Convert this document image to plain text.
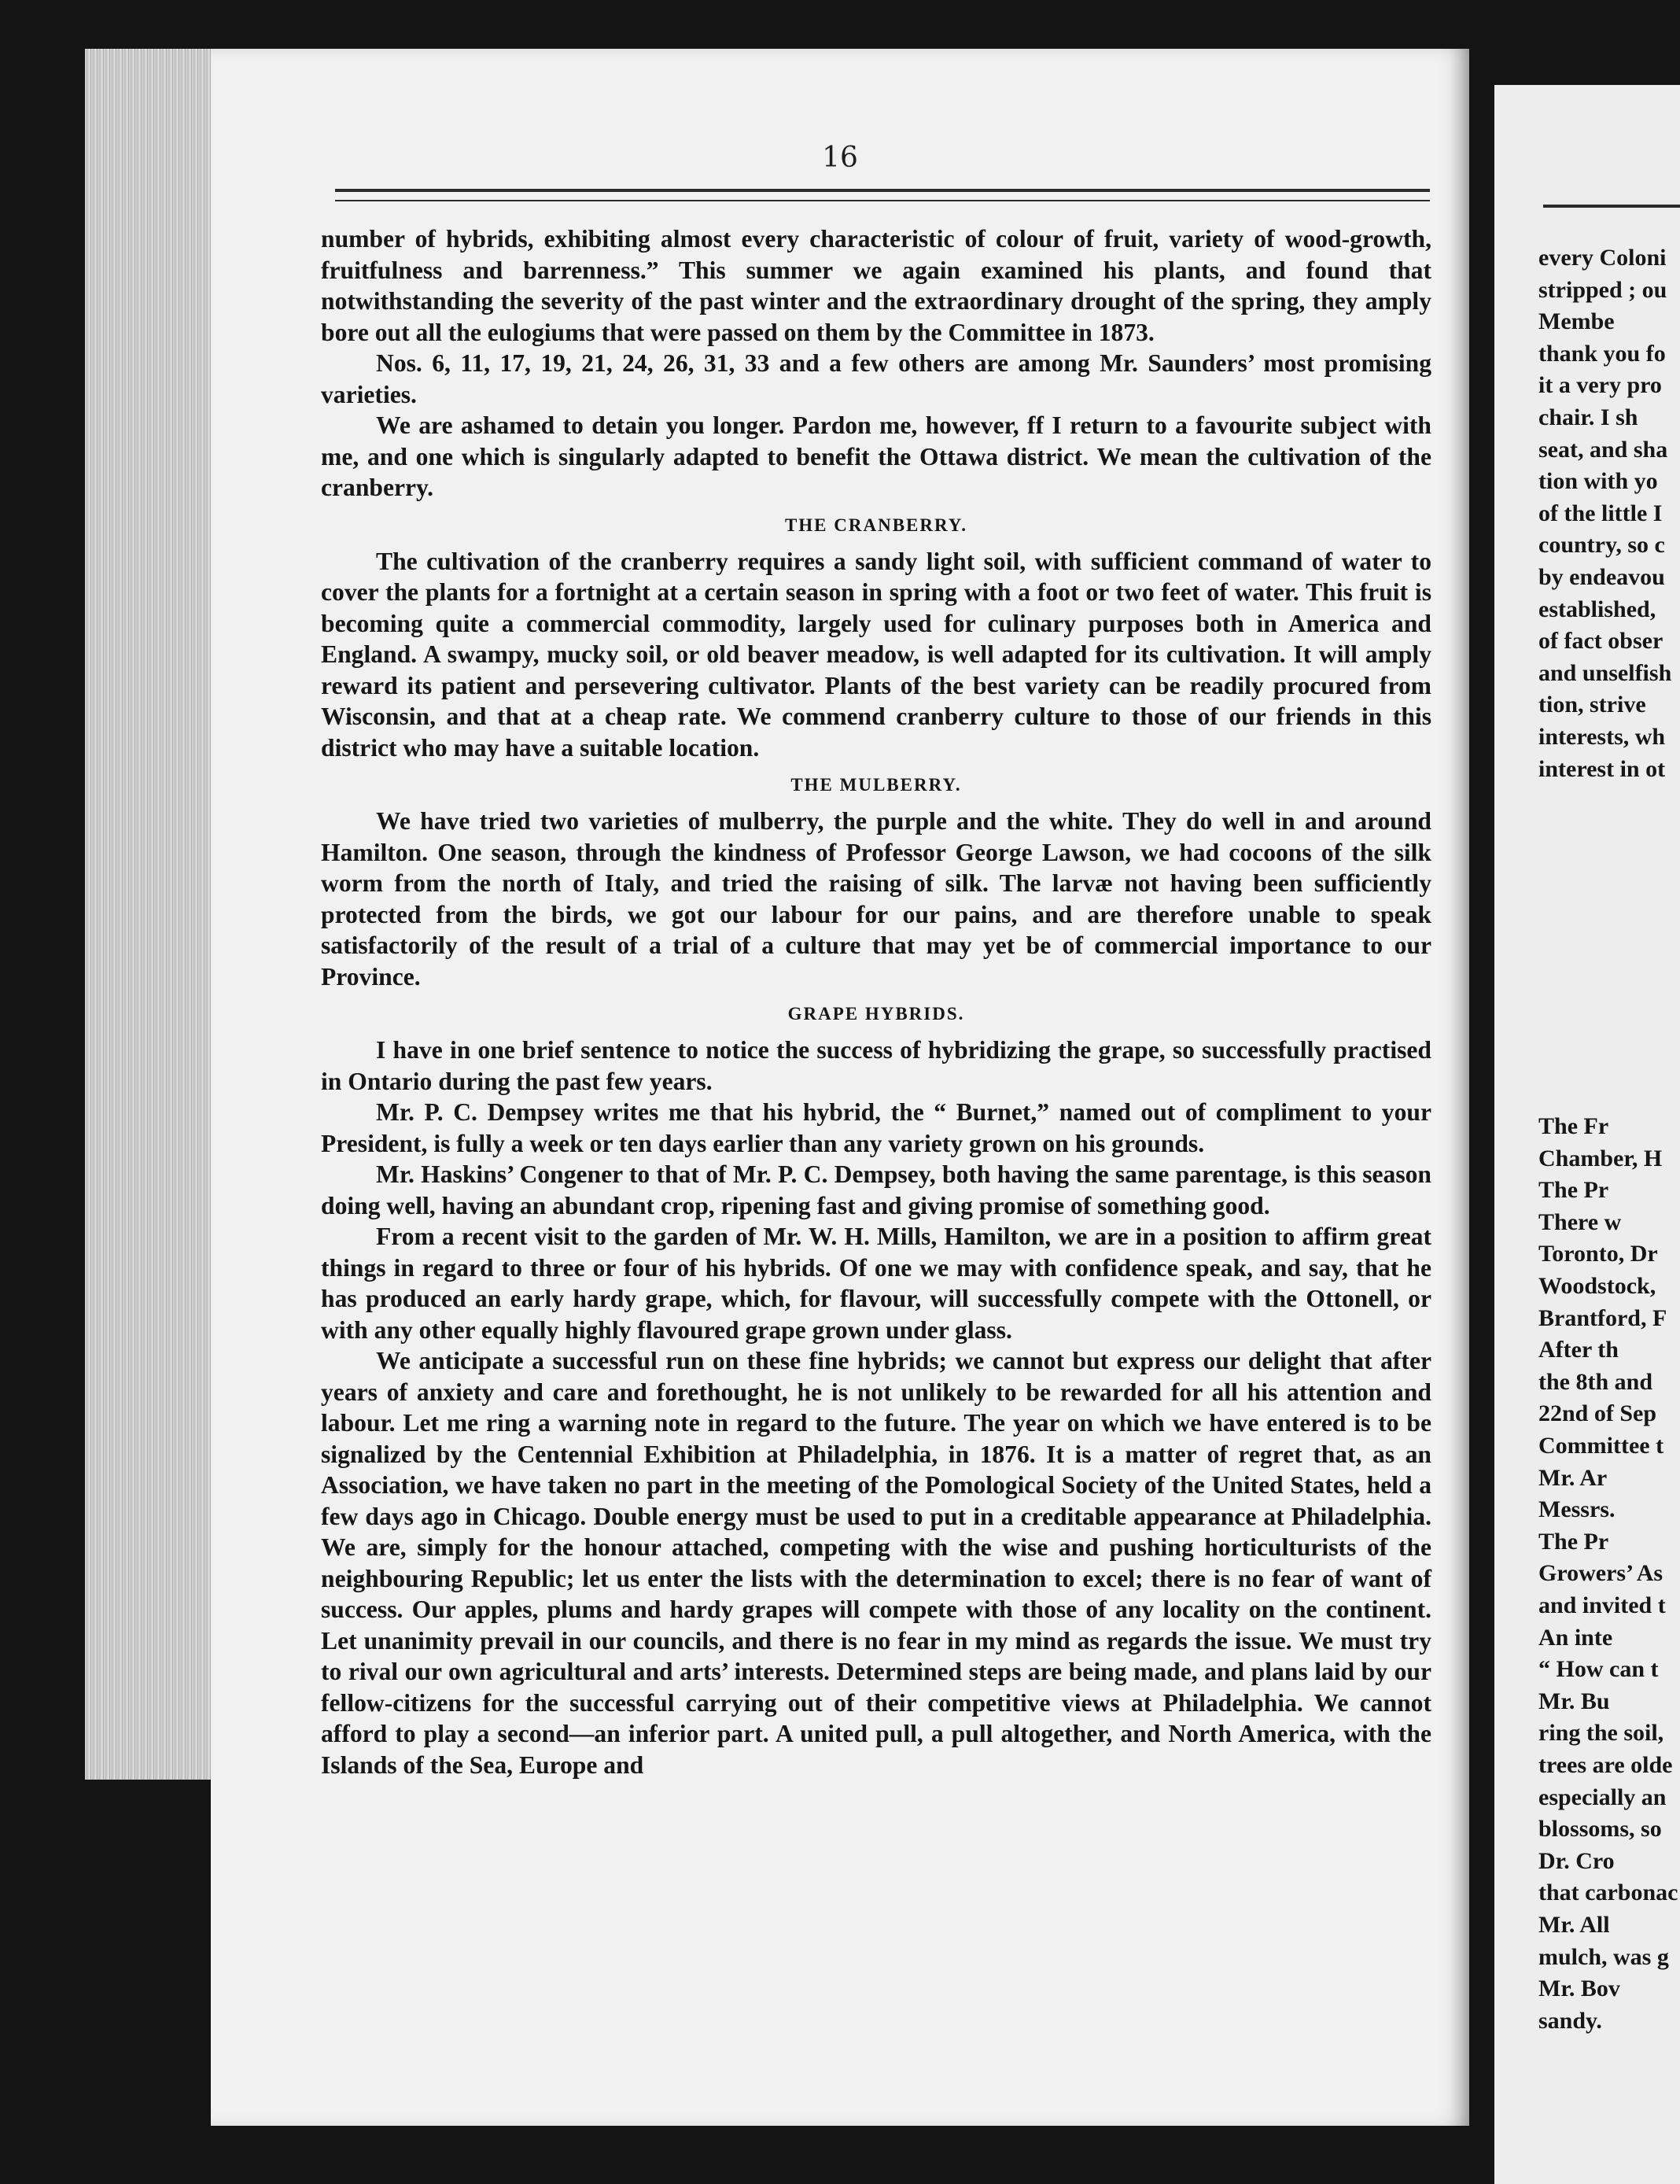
16

number of hybrids, exhibiting almost every characteristic of colour of fruit, variety of wood-growth, fruitfulness and barrenness.” This summer we again examined his plants, and found that notwithstanding the severity of the past winter and the extraordinary drought of the spring, they amply bore out all the eulogiums that were passed on them by the Committee in 1873.

Nos. 6, 11, 17, 19, 21, 24, 26, 31, 33 and a few others are among Mr. Saunders’ most promising varieties.

We are ashamed to detain you longer. Pardon me, however, ff I return to a favourite subject with me, and one which is singularly adapted to benefit the Ottawa district. We mean the cultivation of the cranberry.

THE CRANBERRY.

The cultivation of the cranberry requires a sandy light soil, with sufficient command of water to cover the plants for a fortnight at a certain season in spring with a foot or two feet of water. This fruit is becoming quite a commercial commodity, largely used for culinary purposes both in America and England. A swampy, mucky soil, or old beaver meadow, is well adapted for its cultivation. It will amply reward its patient and persevering cultivator. Plants of the best variety can be readily procured from Wisconsin, and that at a cheap rate. We commend cranberry culture to those of our friends in this district who may have a suitable location.

THE MULBERRY.

We have tried two varieties of mulberry, the purple and the white. They do well in and around Hamilton. One season, through the kindness of Professor George Lawson, we had cocoons of the silk worm from the north of Italy, and tried the raising of silk. The larvæ not having been sufficiently protected from the birds, we got our labour for our pains, and are therefore unable to speak satisfactorily of the result of a trial of a culture that may yet be of commercial importance to our Province.

GRAPE HYBRIDS.

I have in one brief sentence to notice the success of hybridizing the grape, so successfully practised in Ontario during the past few years.

Mr. P. C. Dempsey writes me that his hybrid, the “ Burnet,” named out of compliment to your President, is fully a week or ten days earlier than any variety grown on his grounds.

Mr. Haskins’ Congener to that of Mr. P. C. Dempsey, both having the same parentage, is this season doing well, having an abundant crop, ripening fast and giving promise of something good.

From a recent visit to the garden of Mr. W. H. Mills, Hamilton, we are in a position to affirm great things in regard to three or four of his hybrids. Of one we may with confidence speak, and say, that he has produced an early hardy grape, which, for flavour, will successfully compete with the Ottonell, or with any other equally highly flavoured grape grown under glass.

We anticipate a successful run on these fine hybrids; we cannot but express our delight that after years of anxiety and care and forethought, he is not unlikely to be rewarded for all his attention and labour. Let me ring a warning note in regard to the future. The year on which we have entered is to be signalized by the Centennial Exhibition at Philadelphia, in 1876. It is a matter of regret that, as an Association, we have taken no part in the meeting of the Pomological Society of the United States, held a few days ago in Chicago. Double energy must be used to put in a creditable appearance at Philadelphia. We are, simply for the honour attached, competing with the wise and pushing horticulturists of the neighbouring Republic; let us enter the lists with the determination to excel; there is no fear of want of success. Our apples, plums and hardy grapes will compete with those of any locality on the continent. Let unanimity prevail in our councils, and there is no fear in my mind as regards the issue. We must try to rival our own agricultural and arts’ interests. Determined steps are being made, and plans laid by our fellow-citizens for the successful carrying out of their competitive views at Philadelphia. We cannot afford to play a second—an inferior part. A united pull, a pull altogether, and North America, with the Islands of the Sea, Europe and

every Coloni
stripped ; ou
Membe
thank you fo
it a very pro
chair. I sh
seat, and sha
tion with yo
of the little I
country, so c
by endeavou
established,
of fact obser
and unselfish
tion, strive
interests, wh
interest in ot
The Fr
Chamber, H
The Pr
There w
Toronto, Dr
Woodstock,
Brantford, F
After th
the 8th and
22nd of Sep
Committee t
Mr. Ar
Messrs.
The Pr
Growers’ As
and invited t
An inte
“ How can t
Mr. Bu
ring the soil,
trees are olde
especially an
blossoms, so
Dr. Cro
that carbonac
Mr. All
mulch, was g
Mr. Bov
sandy.
